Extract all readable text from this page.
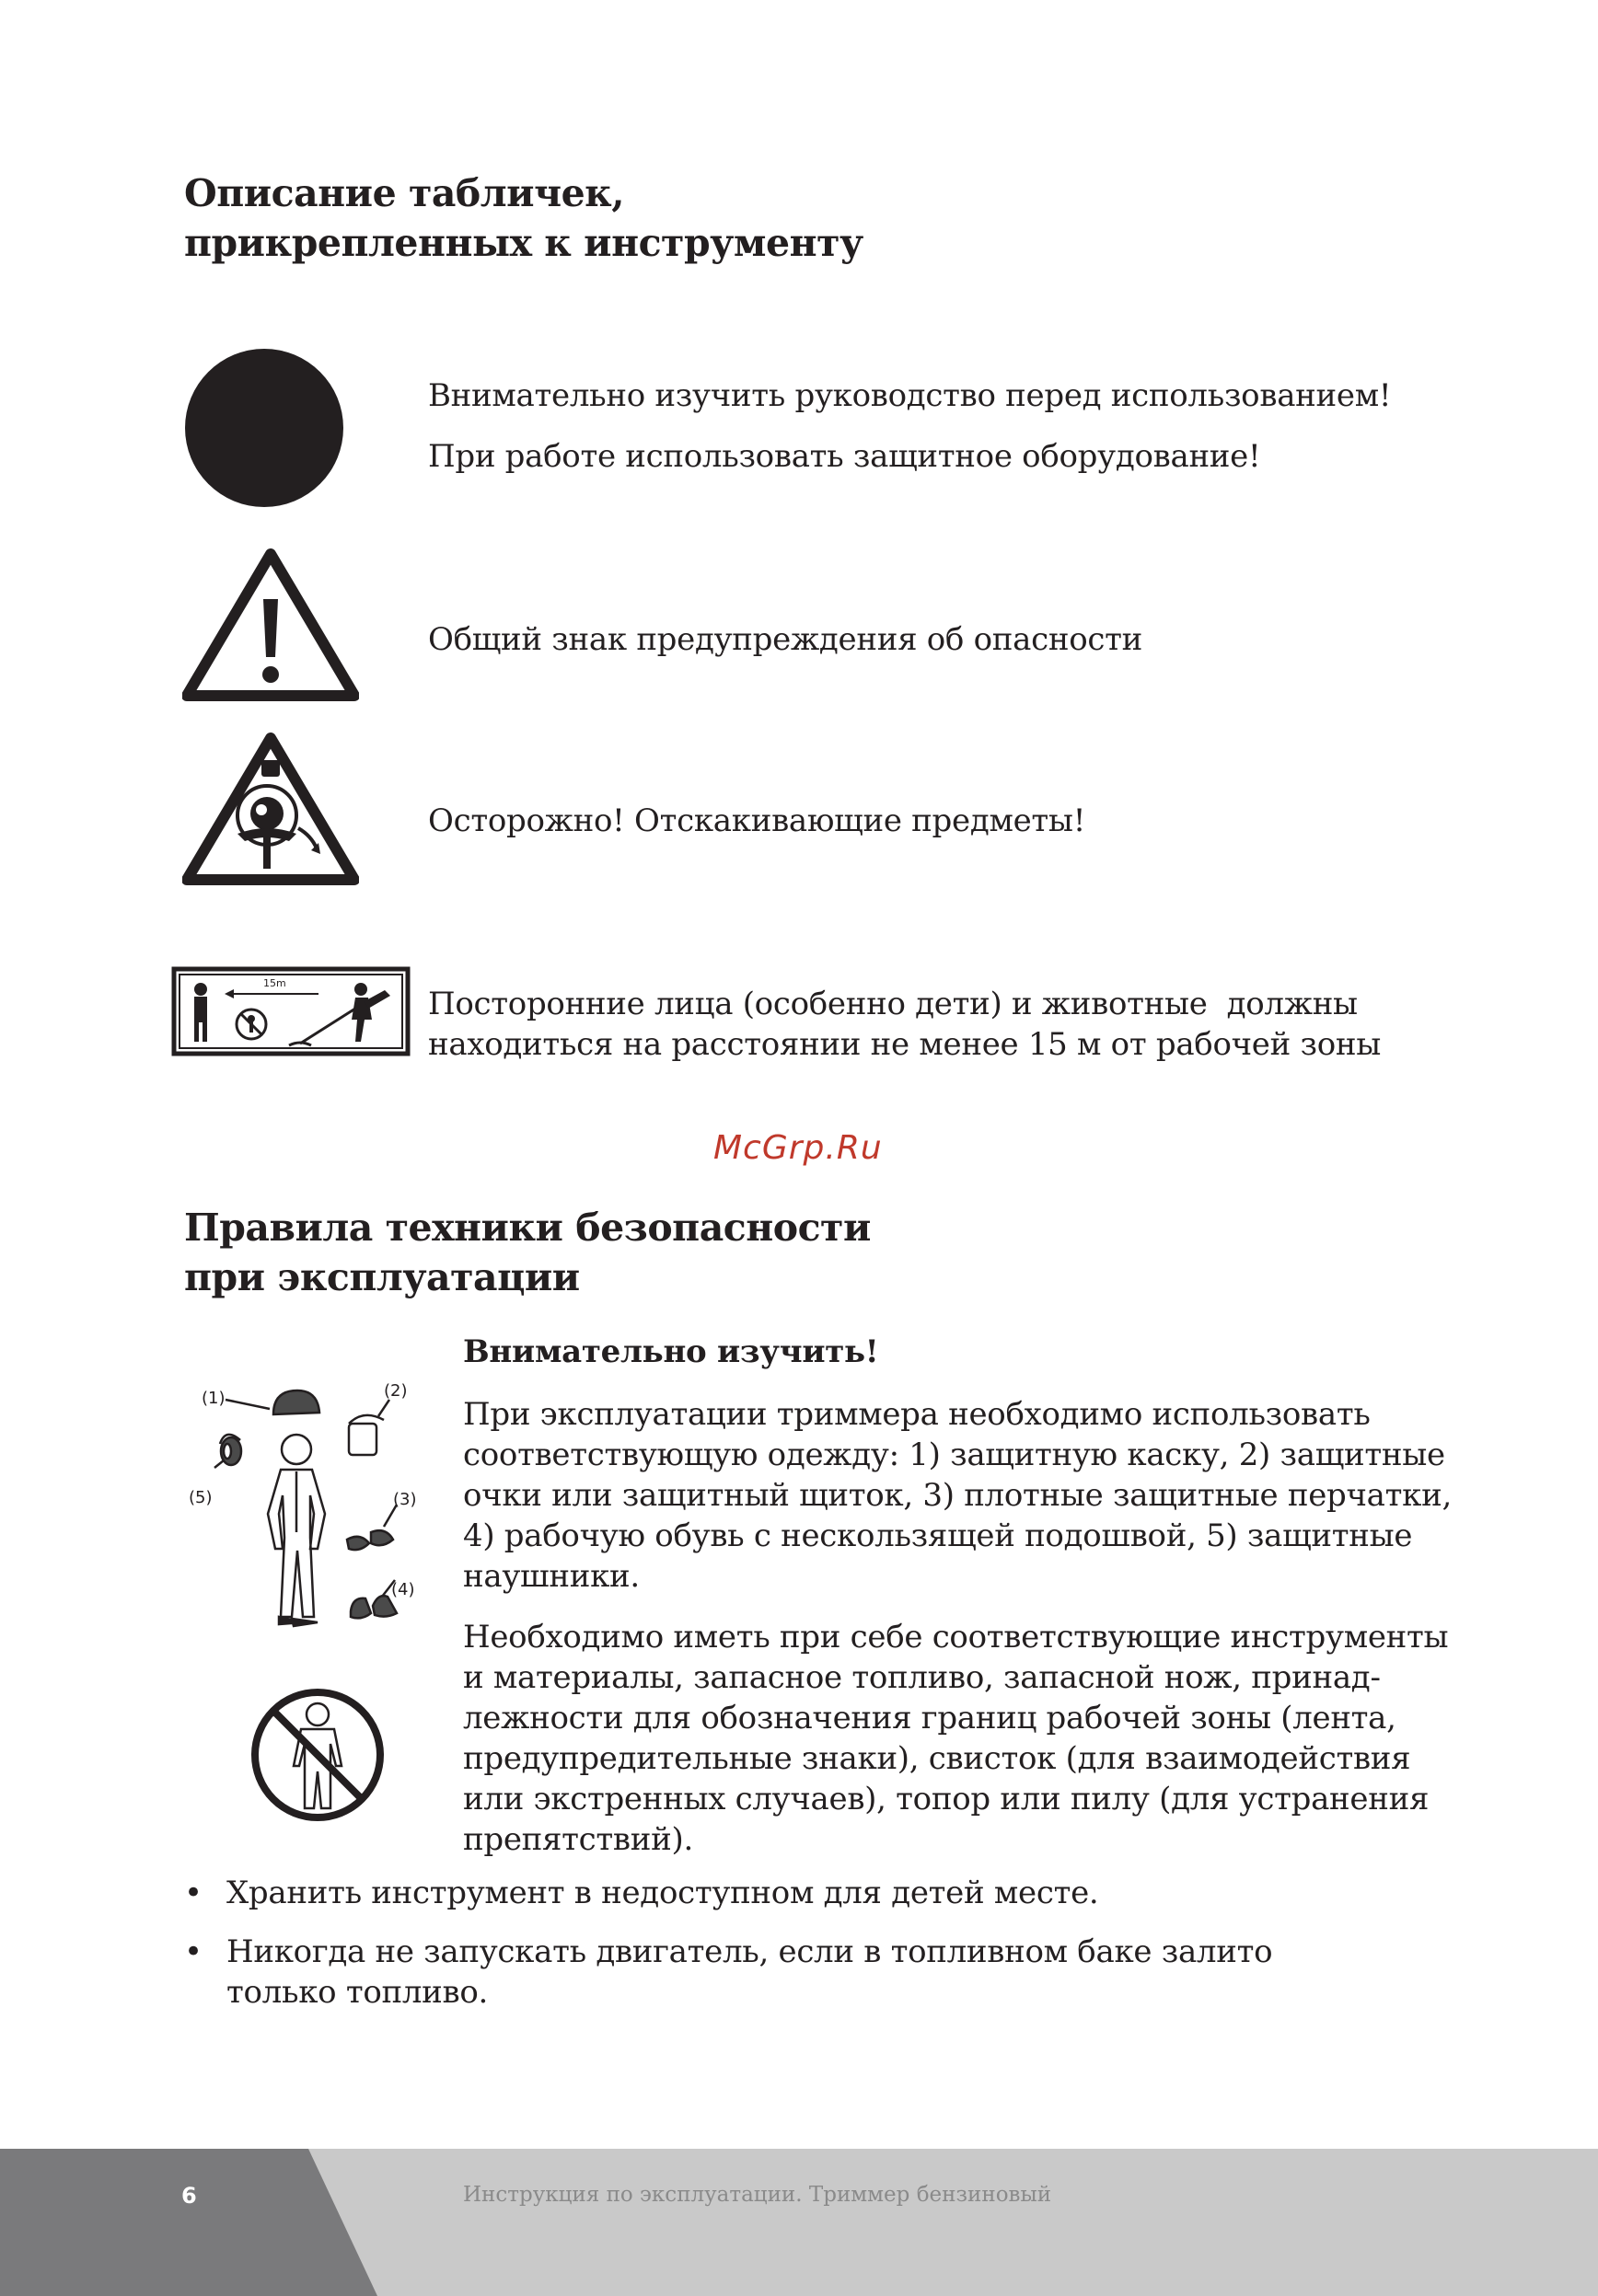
Описание табличек,
прикрепленных к инструменту
Внимательно изучить руководство перед использованием!
При работе использовать защитное оборудование!
Общий знак предупреждения об опасности
Осторожно! Отскакивающие предметы!
15m
Посторонние лица (особенно дети) и животные  должны
находиться на расстоянии не менее 15 м от рабочей зоны
McGrp.Ru
Правила техники безопасности
при эксплуатации
(1)	(2)
(3)
(4)
(5)

Внимательно изучить!

При эксплуатации триммера необходимо использовать соответствующую одежду: 1) защитную каску, 2) защитные очки или защитный щиток, 3) плотные защитные перчатки, 4) рабочую обувь с нескользящей подошвой, 5) защитные наушники.

Необходимо иметь при себе соответствующие инструменты и материалы, запасное топливо, запасной нож, принадлежности для обозначения границ рабочей зоны (лента, предупредительные знаки), свисток (для взаимодействия или экстренных случаев), топор или пилу (для устранения препятствий).

• Хранить инструмент в недоступном для детей месте.
• Никогда не запускать двигатель, если в топливном баке залито только топливо.
6	Инструкция по эксплуатации. Триммер бензиновый
